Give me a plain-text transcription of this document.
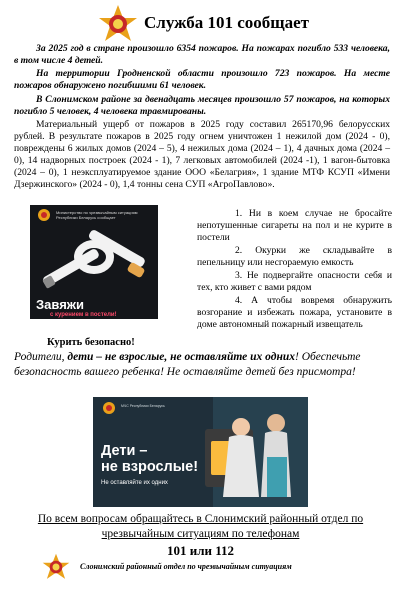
Служба 101 сообщает
За 2025 год в стране произошло 6354 пожаров. На пожарах погибло 533 человека, в том числе 4 детей.
На территории Гродненской области произошло 723 пожаров. На месте пожаров обнаружено погибшими 61 человек.
В Слонимском районе за двенадцать месяцев произошло 57 пожаров, на которых погибло 5 человек, 4 человека травмированы.
Материальный ущерб от пожаров в 2025 году составил 265170,96 белорусских рублей. В результате пожаров в 2025 году огнем уничтожен 1 нежилой дом (2024 - 0), повреждены 6 жилых домов (2024 – 5), 4 нежилых дома (2024 – 1), 4 дачных дома (2024 – 0), 14 надворных построек (2024 - 1), 7 легковых автомобилей (2024 -1), 1 вагон-бытовка (2024 – 0), 1 неэксплуатируемое здание ООО «Белагрия», 1 здание МТФ КСУП «Имени Дзержинского» (2024 - 0), 1,4 тонны сена СУП «АгроПавлово».
Министерство по чрезвычайным ситуациям Республики Беларусь сообщает
Завяжи
с курением в постели!

1. Ни в коем случае не бросайте непотушенные сигареты на пол и не курите в постели

2. Окурки же складывайте в пепельницу или несгораемую емкость

3. Не подвергайте опасности себя и тех, кто живет с вами рядом

4. А чтобы вовремя обнаружить возгорание и избежать пожара, установите в доме автономный пожарный извещатель

Курить безопасно!
Родители, дети – не взрослые, не оставляйте их одних! Обеспечьте безопасность вашего ребенка! Не оставляйте детей без присмотра!
МЧС Республики Беларусь
Дети –
не взрослые!
Не оставляйте их одних
По всем вопросам обращайтесь в Слонимский районный отдел по чрезвычайным ситуациям по телефонам
101 или 112
Слонимский районный отдел по чрезвычайным ситуациям
